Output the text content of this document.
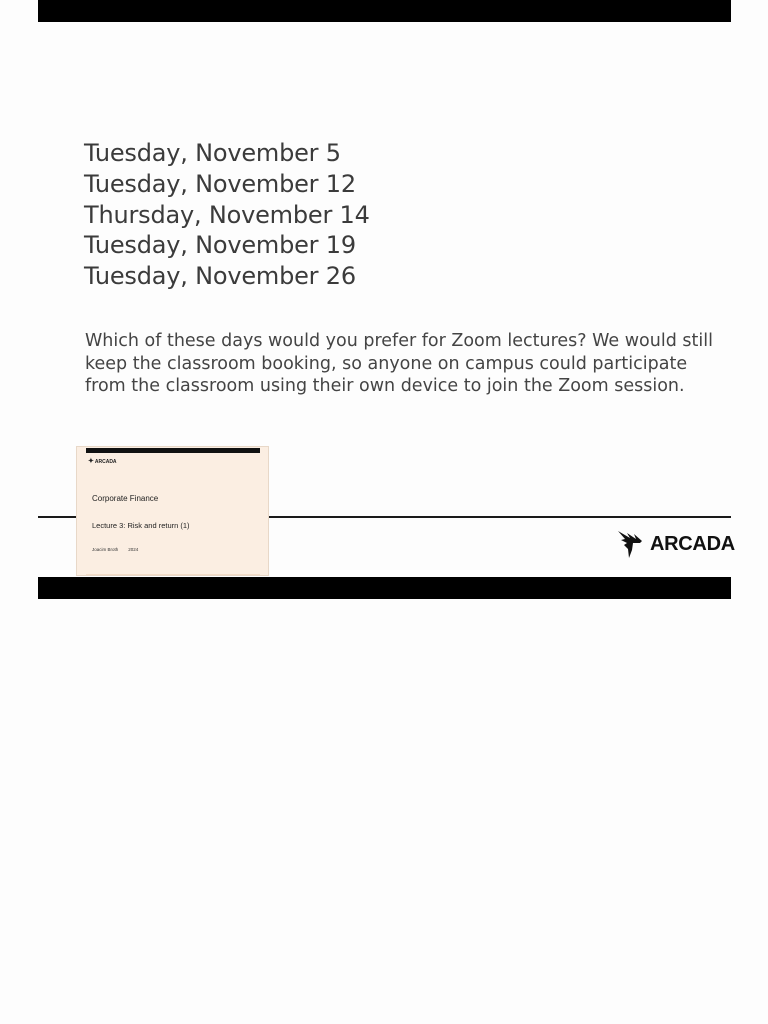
Tuesday, November 5
Tuesday, November 12
Thursday, November 14
Tuesday, November 19
Tuesday, November 26

Which of these days would you prefer for Zoom lectures? We would still keep the classroom booking, so anyone on campus could participate from the classroom using their own device to join the Zoom session.

✦ ARCADA
Corporate Finance
Lecture 3: Risk and return (1)
Joacim Broth 2024	ARCADA
